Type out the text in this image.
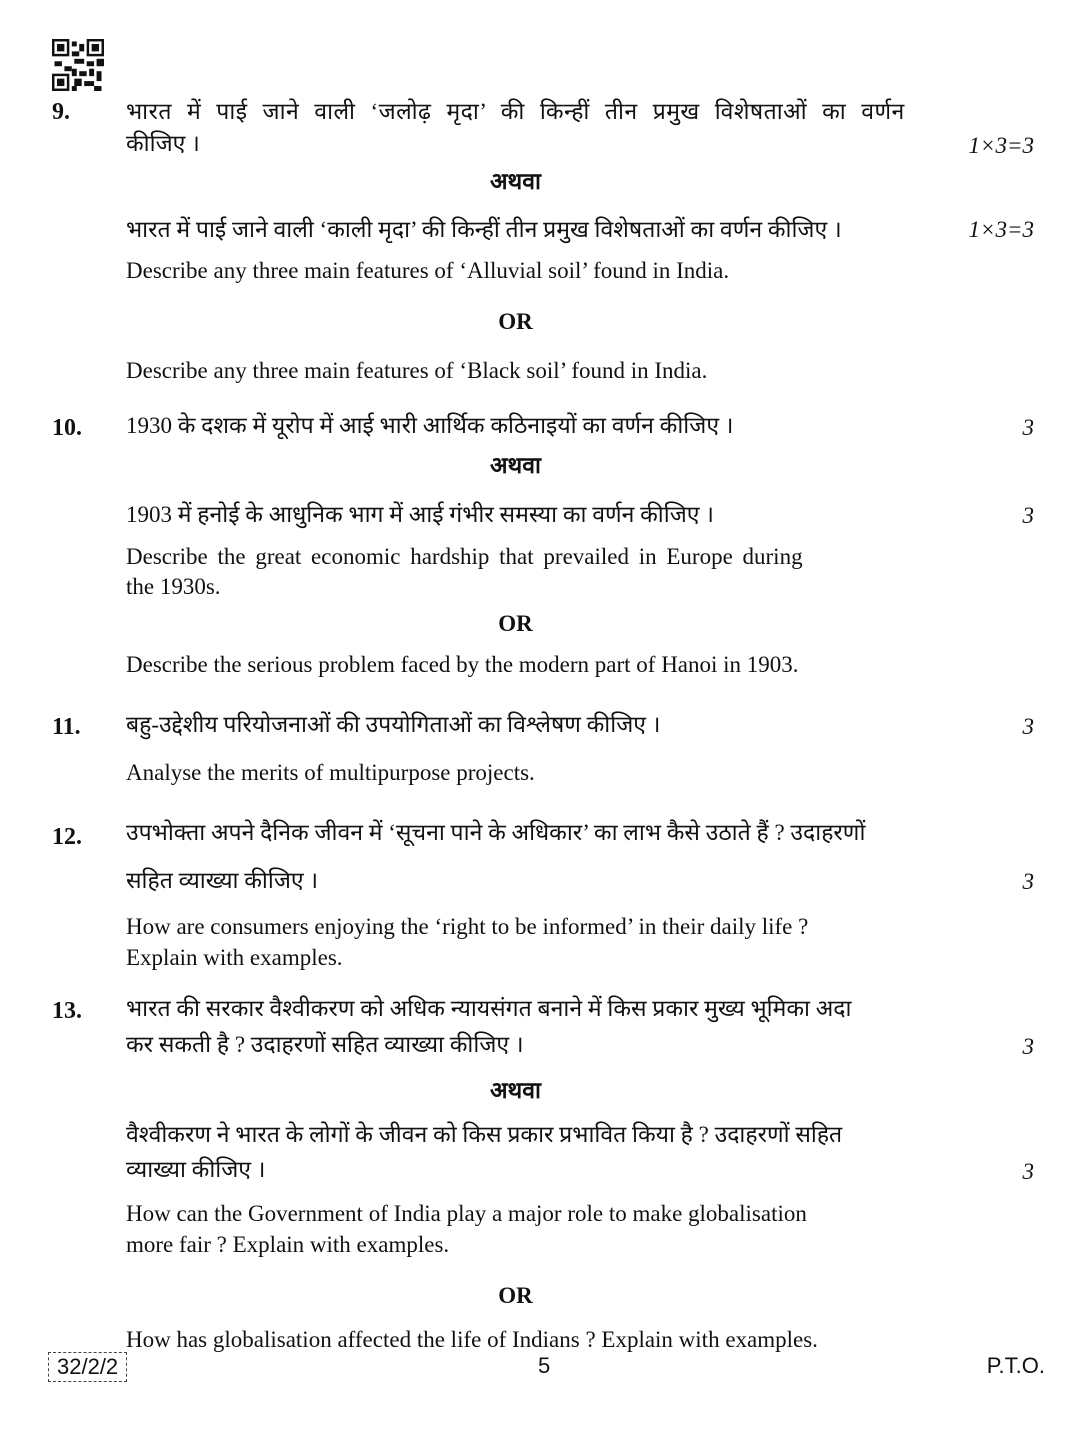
9. भारत में पाई जाने वाली ‘जलोढ़ मृदा’ की किन्हीं तीन प्रमुख विशेषताओं का वर्णन
कीजिए ।	1×3=3
अथवा
भारत में पाई जाने वाली ‘काली मृदा’ की किन्हीं तीन प्रमुख विशेषताओं का वर्णन कीजिए ।	1×3=3
Describe any three main features of ‘Alluvial soil’ found in India.
OR
Describe any three main features of ‘Black soil’ found in India.
10. 1930 के दशक में यूरोप में आई भारी आर्थिक कठिनाइयों का वर्णन कीजिए ।	3
अथवा
1903 में हनोई के आधुनिक भाग में आई गंभीर समस्या का वर्णन कीजिए ।	3
Describe the great economic hardship that prevailed in Europe during
the 1930s.
OR
Describe the serious problem faced by the modern part of Hanoi in 1903.
11. बहु-उद्देशीय परियोजनाओं की उपयोगिताओं का विश्लेषण कीजिए ।	3
Analyse the merits of multipurpose projects.
12. उपभोक्ता अपने दैनिक जीवन में ‘सूचना पाने के अधिकार’ का लाभ कैसे उठाते हैं ? उदाहरणों
सहित व्याख्या कीजिए ।	3
How are consumers enjoying the ‘right to be informed’ in their daily life ?
Explain with examples.
13. भारत की सरकार वैश्वीकरण को अधिक न्यायसंगत बनाने में किस प्रकार मुख्य भूमिका अदा
कर सकती है ? उदाहरणों सहित व्याख्या कीजिए ।	3
अथवा
वैश्वीकरण ने भारत के लोगों के जीवन को किस प्रकार प्रभावित किया है ? उदाहरणों सहित
व्याख्या कीजिए ।	3
How can the Government of India play a major role to make globalisation
more fair ? Explain with examples.
OR
How has globalisation affected the life of Indians ? Explain with examples.
32/2/2	5	P.T.O.
